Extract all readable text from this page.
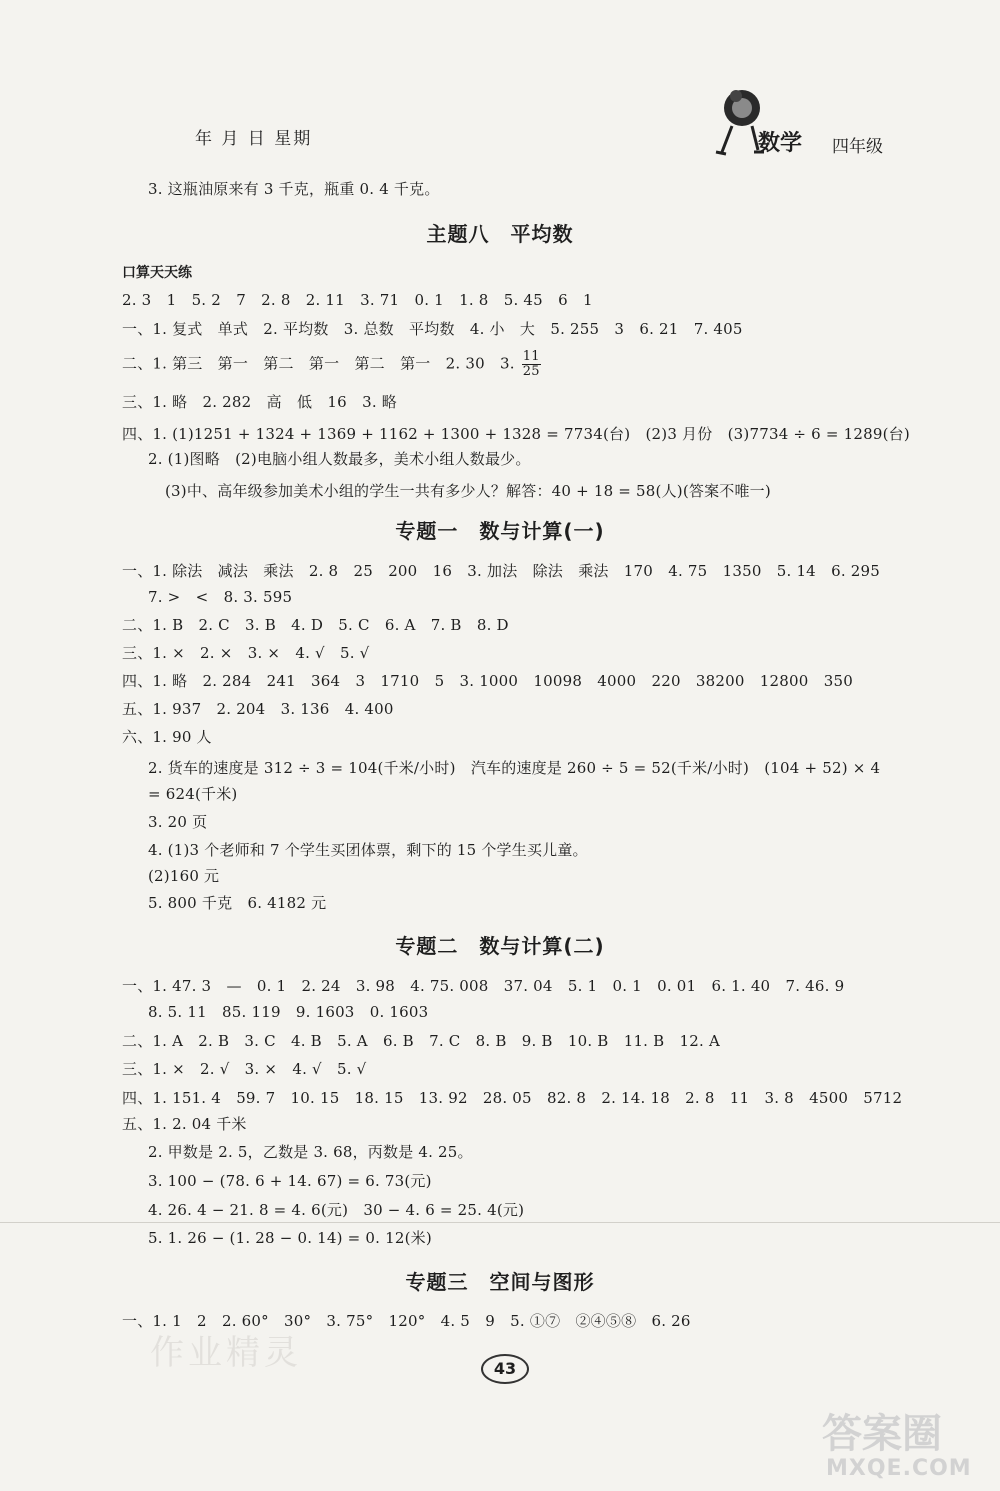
年 月 日 星期	数学 四年级
3. 这瓶油原来有 3 千克，瓶重 0. 4 千克。
主题八　平均数
口算天天练
2. 3　1　5. 2　7　2. 8　2. 11　3. 71　0. 1　1. 8　5. 45　6　1
一、1. 复式　单式　2. 平均数　3. 总数　平均数　4. 小　大　5. 255　3　6. 21　7. 405
二、1. 第三　第一　第二　第一　第二　第一　2. 30　3. $\frac{11}{25}$
三、1. 略　2. 282　高　低　16　3. 略
四、1. (1)1251 + 1324 + 1369 + 1162 + 1300 + 1328 = 7734(台)　(2)3 月份　(3)7734 ÷ 6 = 1289(台)
2. (1)图略　(2)电脑小组人数最多，美术小组人数最少。
(3)中、高年级参加美术小组的学生一共有多少人？解答：40 + 18 = 58(人)(答案不唯一)
专题一　数与计算(一)
一、1. 除法　减法　乘法　2. 8　25　200　16　3. 加法　除法　乘法　170　4. 75　1350　5. 14　6. 295
7. >　<　8. 3. 595
二、1. B　2. C　3. B　4. D　5. C　6. A　7. B　8. D
三、1. ×　2. ×　3. ×　4. √　5. √
四、1. 略　2. 284　241　364　3　1710　5　3. 1000　10098　4000　220　38200　12800　350
五、1. 937　2. 204　3. 136　4. 400
六、1. 90 人
2. 货车的速度是 312 ÷ 3 = 104(千米/小时)　汽车的速度是 260 ÷ 5 = 52(千米/小时)　(104 + 52) × 4
= 624(千米)
3. 20 页
4. (1)3 个老师和 7 个学生买团体票，剩下的 15 个学生买儿童。
(2)160 元
5. 800 千克　6. 4182 元
专题二　数与计算(二)
一、1. 47. 3　—　0. 1　2. 24　3. 98　4. 75. 008　37. 04　5. 1　0. 1　0. 01　6. 1. 40　7. 46. 9
8. 5. 11　85. 119　9. 1603　0. 1603
二、1. A　2. B　3. C　4. B　5. A　6. B　7. C　8. B　9. B　10. B　11. B　12. A
三、1. ×　2. √　3. ×　4. √　5. √
四、1. 151. 4　59. 7　10. 15　18. 15　13. 92　28. 05　82. 8　2. 14. 18　2. 8　11　3. 8　4500　5712
五、1. 2. 04 千米
2. 甲数是 2. 5，乙数是 3. 68，丙数是 4. 25。
3. 100 − (78. 6 + 14. 67) = 6. 73(元)
4. 26. 4 − 21. 8 = 4. 6(元)　30 − 4. 6 = 25. 4(元)
5. 1. 26 − (1. 28 − 0. 14) = 0. 12(米)
专题三　空间与图形
一、1. 1　2　2. 60°　30°　3. 75°　120°　4. 5　9　5. ①⑦　②④⑤⑧　6. 26
作业精灵	43
答案圈
MXQE.COM
